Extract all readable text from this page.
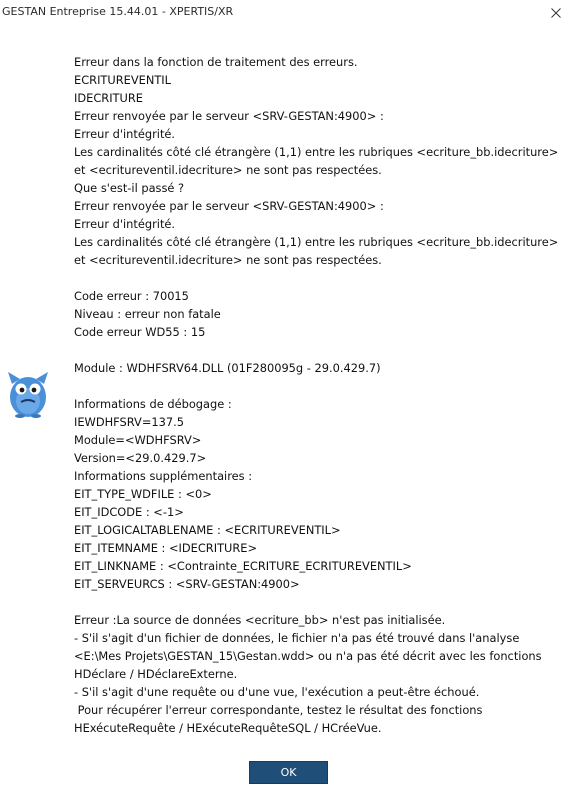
GESTAN Entreprise 15.44.01 - XPERTIS/XR
Erreur dans la fonction de traitement des erreurs.
ECRITUREVENTIL
IDECRITURE
Erreur renvoyée par le serveur <SRV-GESTAN:4900> :
Erreur d'intégrité.
Les cardinalités côté clé étrangère (1,1) entre les rubriques <ecriture_bb.idecriture>
et <ecritureventil.idecriture> ne sont pas respectées.
Que s'est-il passé ?
Erreur renvoyée par le serveur <SRV-GESTAN:4900> :
Erreur d'intégrité.
Les cardinalités côté clé étrangère (1,1) entre les rubriques <ecriture_bb.idecriture>
et <ecritureventil.idecriture> ne sont pas respectées.

Code erreur : 70015
Niveau : erreur non fatale
Code erreur WD55 : 15

Module : WDHFSRV64.DLL (01F280095g - 29.0.429.7)

Informations de débogage :
IEWDHFSRV=137.5
Module=<WDHFSRV>
Version=<29.0.429.7>
Informations supplémentaires :
EIT_TYPE_WDFILE : <0>
EIT_IDCODE : <-1>
EIT_LOGICALTABLENAME : <ECRITUREVENTIL>
EIT_ITEMNAME : <IDECRITURE>
EIT_LINKNAME : <Contrainte_ECRITURE_ECRITUREVENTIL>
EIT_SERVEURCS : <SRV-GESTAN:4900>

Erreur :La source de données <ecriture_bb> n'est pas initialisée.
- S'il s'agit d'un fichier de données, le fichier n'a pas été trouvé dans l'analyse
<E:\Mes Projets\GESTAN_15\Gestan.wdd> ou n'a pas été décrit avec les fonctions
HDéclare / HDéclareExterne.
- S'il s'agit d'une requête ou d'une vue, l'exécution a peut-être échoué.
Pour récupérer l'erreur correspondante, testez le résultat des fonctions
HExécuteRequête / HExécuteRequêteSQL / HCréeVue.
OK
